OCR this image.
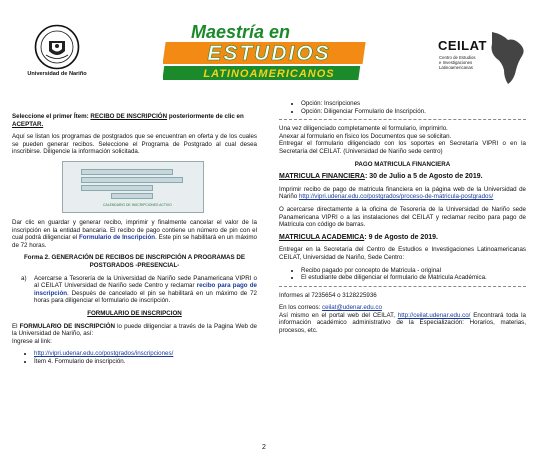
Universidad de Nariño
Maestría en
ESTUDIOS
LATINOAMERICANOS
CEILAT
Centro de Estudios
e Investigaciones
Latinoamericanas

Seleccione el primer Ítem: RECIBO DE INSCRIPCIÓN posteriormente de clic en ACEPTAR.

Aquí se listan los programas de postgrados que se encuentran en oferta y de los cuales se pueden generar recibos. Seleccione el Programa de Postgrado al cual desea inscribirse. Diligencie la información solicitada.

CALENDARIO DE INSCRIPCIONES ACTIVO

Dar clic en guardar y generar recibo, imprimir y finalmente cancelar el valor de la inscripción en la entidad bancaria. El recibo de pago contiene un número de pin con el cual podrá diligenciar el Formulario de Inscripción. Este pin se habilitará en un máximo de 72 horas.

Forma 2. GENERACIÓN DE RECIBOS DE INSCRIPCIÓN A PROGRAMAS DE POSTGRADOS -PRESENCIAL-

a) Acercarse a Tesorería de la Universidad de Nariño sede Panamericana VIPRI o al CEILAT Universidad de Nariño sede Centro y reclamar recibo para pago de inscripción. Después de cancelado el pin se habilitará en un máximo de 72 horas para diligenciar el formulario de inscripción.

FORMULARIO DE INSCRIPCION

El FORMULARIO DE INSCRIPCIÓN lo puede diligenciar a través de la Pagina Web de la Universidad de Nariño, así:
Ingrese al link:

• http://vipri.udenar.edu.co/postgrados/inscripciones/
• Ítem 4. Formulario de inscripción.
• Opción: Inscripciones
• Opción: Diligenciar Formulario de Inscripción.

Una vez diligenciado completamente el formulario, imprimirlo.
Anexar al formulario en físico los Documentos que se solicitan.
Entregar el formulario diligenciado con los soportes en Secretaría VIPRI o en la Secretaría del CEILAT. (Universidad de Nariño sede centro)

PAGO MATRICULA FINANCIERA

MATRICULA FINANCIERA: 30 de Julio a 5 de Agosto de 2019.

Imprimir recibo de pago de matricula financiera en la página web de la Universidad de Nariño http://vipri.udenar.edu.co/postgrados/proceso-de-matricula-postgrados/

O acercarse directamente a la oficina de Tesorería de la Universidad de Nariño sede Panamericana VIPRI o a las instalaciones del CEILAT y reclamar recibo para pago de Matricula con código de barras.

MATRICULA ACADEMICA: 9 de Agosto de 2019.

Entregar en la Secretaría del Centro de Estudios e Investigaciones Latinoamericanas CEILAT, Universidad de Nariño, Sede Centro:

• Recibo pagado por concepto de Matricula - original
• El estudiante debe diligenciar el formulario de Matricula Académica.

Informes al 7235654 o 3128225936

En los correos: ceilat@udenar.edu.co
Así mismo en el portal web del CEILAT, http://ceilat.udenar.edu.co/ Encontrará toda la información académico administrativo de la Especialización: Horarios, materias, procesos, etc.

2
